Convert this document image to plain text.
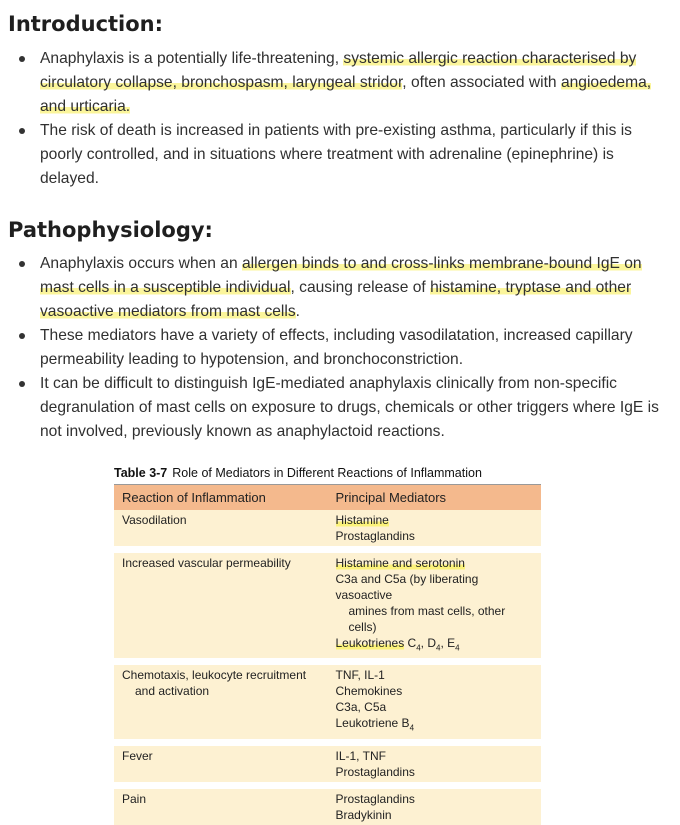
Introduction:
Anaphylaxis is a potentially life-threatening, systemic allergic reaction characterised by circulatory collapse, bronchospasm, laryngeal stridor, often associated with angioedema, and urticaria.
The risk of death is increased in patients with pre-existing asthma, particularly if this is poorly controlled, and in situations where treatment with adrenaline (epinephrine) is delayed.
Pathophysiology:
Anaphylaxis occurs when an allergen binds to and cross-links membrane-bound IgE on mast cells in a susceptible individual, causing release of histamine, tryptase and other vasoactive mediators from mast cells.
These mediators have a variety of effects, including vasodilatation, increased capillary permeability leading to hypotension, and bronchoconstriction.
It can be difficult to distinguish IgE-mediated anaphylaxis clinically from non-specific degranulation of mast cells on exposure to drugs, chemicals or other triggers where IgE is not involved, previously known as anaphylactoid reactions.
Table 3-7 Role of Mediators in Different Reactions of Inflammation
Reaction of Inflammation	Principal Mediators

Vasodilation	Histamine
Prostaglandins

Increased vascular permeability	Histamine and serotonin
C3a and C5a (by liberating vasoactive
amines from mast cells, other
cells)
Leukotrienes $C_4$, $D_4$, $E_4$

Chemotaxis, leukocyte recruitment
and activation	TNF, IL-1
Chemokines
C3a, C5a
Leukotriene $B_4$

Fever	IL-1, TNF
Prostaglandins

Pain	Prostaglandins
Bradykinin
